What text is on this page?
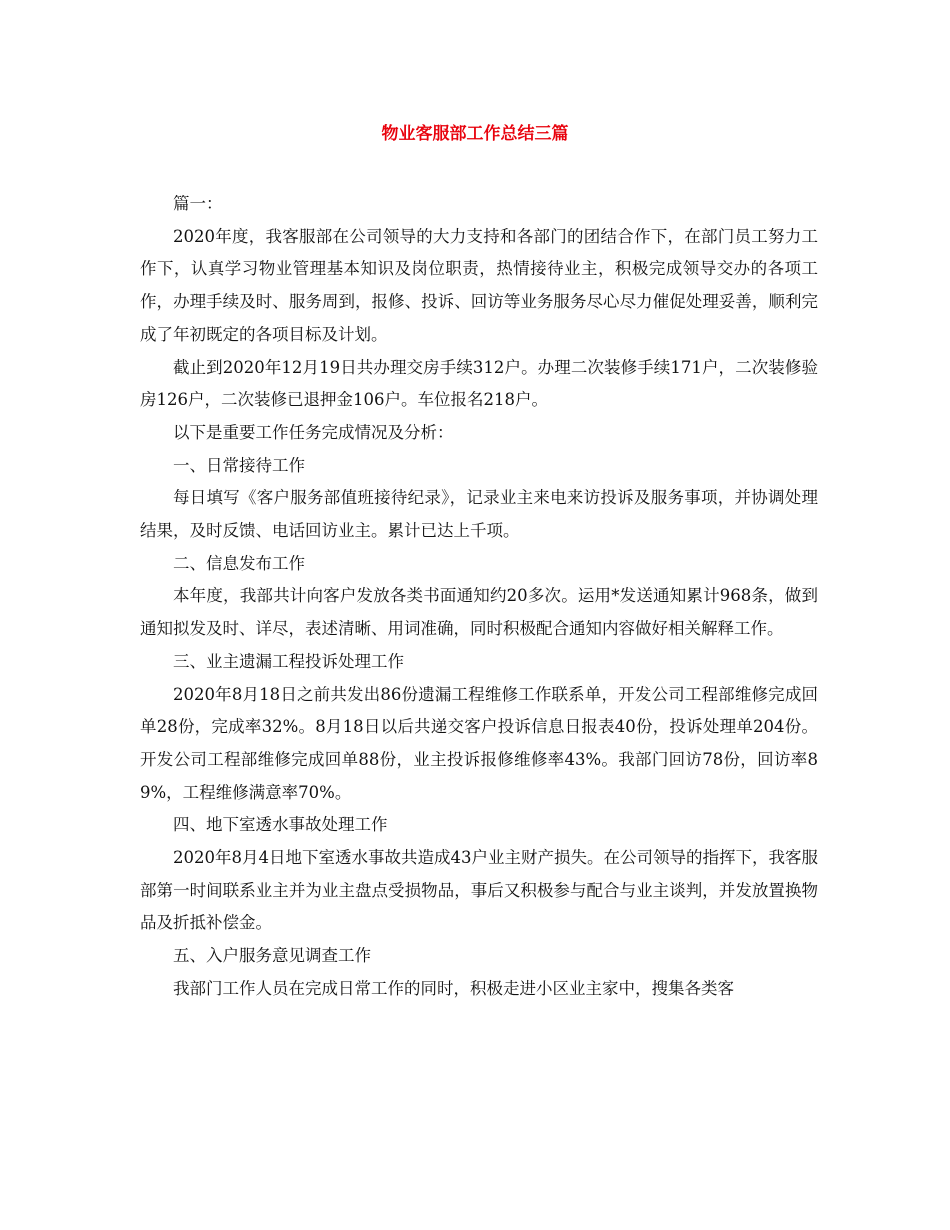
物业客服部工作总结三篇

篇一：

2020年度，我客服部在公司领导的大力支持和各部门的团结合作下，在部门员工努力工作下，认真学习物业管理基本知识及岗位职责，热情接待业主，积极完成领导交办的各项工作，办理手续及时、服务周到，报修、投诉、回访等业务服务尽心尽力催促处理妥善，顺利完成了年初既定的各项目标及计划。

截止到2020年12月19日共办理交房手续312户。办理二次装修手续171户，二次装修验房126户，二次装修已退押金106户。车位报名218户。

以下是重要工作任务完成情况及分析：

一、日常接待工作

每日填写《客户服务部值班接待纪录》，记录业主来电来访投诉及服务事项，并协调处理结果，及时反馈、电话回访业主。累计已达上千项。

二、信息发布工作

本年度，我部共计向客户发放各类书面通知约20多次。运用*发送通知累计968条，做到通知拟发及时、详尽，表述清晰、用词准确，同时积极配合通知内容做好相关解释工作。

三、业主遗漏工程投诉处理工作

2020年8月18日之前共发出86份遗漏工程维修工作联系单，开发公司工程部维修完成回单28份，完成率32%。8月18日以后共递交客户投诉信息日报表40份，投诉处理单204份。开发公司工程部维修完成回单88份，业主投诉报修维修率43%。我部门回访78份，回访率89%，工程维修满意率70%。

四、地下室透水事故处理工作

2020年8月4日地下室透水事故共造成43户业主财产损失。在公司领导的指挥下，我客服部第一时间联系业主并为业主盘点受损物品，事后又积极参与配合与业主谈判，并发放置换物品及折抵补偿金。

五、入户服务意见调查工作

我部门工作人员在完成日常工作的同时，积极走进小区业主家中，搜集各类客
